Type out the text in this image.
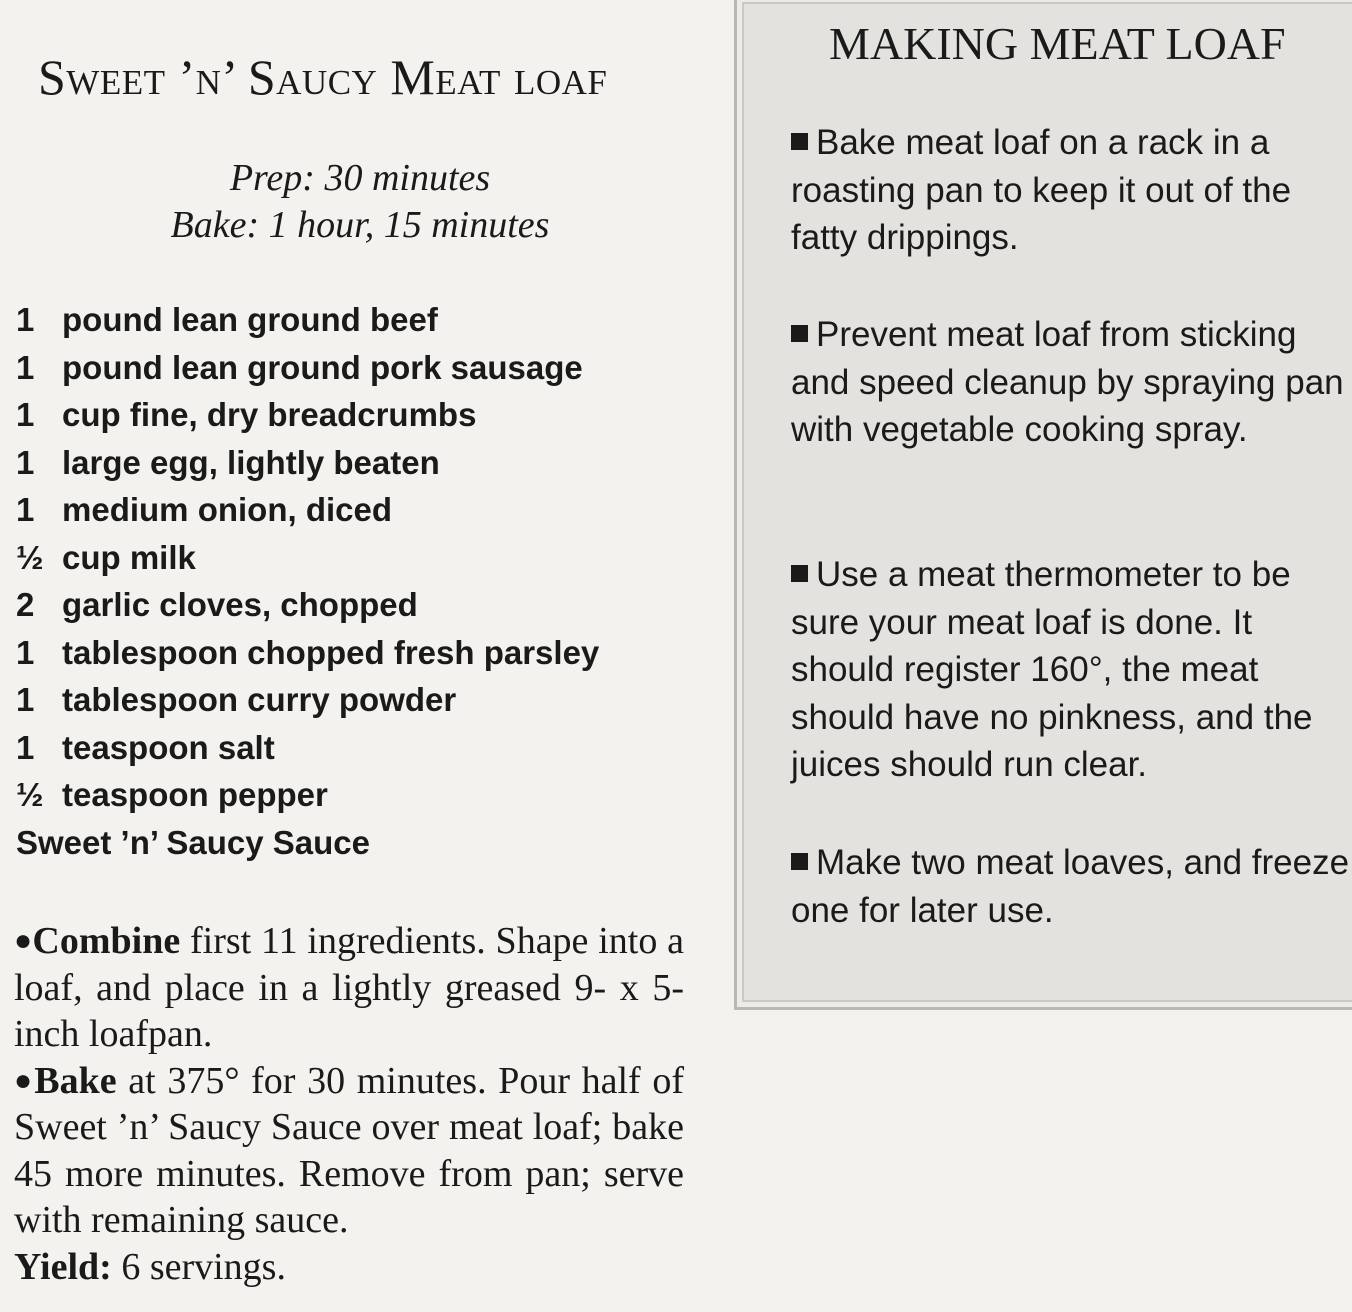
Sweet ’n’ Saucy Meat loaf
Prep: 30 minutes
Bake: 1 hour, 15 minutes
1 pound lean ground beef
1 pound lean ground pork sausage
1 cup fine, dry breadcrumbs
1 large egg, lightly beaten
1 medium onion, diced
½ cup milk
2 garlic cloves, chopped
1 tablespoon chopped fresh parsley
1 tablespoon curry powder
1 teaspoon salt
½ teaspoon pepper
Sweet ’n’ Saucy Sauce

●Combine first 11 ingredients. Shape into a loaf, and place in a lightly greased 9- x 5-inch loafpan.

●Bake at 375° for 30 minutes. Pour half of Sweet ’n’ Saucy Sauce over meat loaf; bake 45 more minutes. Remove from pan; serve with remaining sauce.

Yield: 6 servings.

MAKING MEAT LOAF

Bake meat loaf on a rack in a roasting pan to keep it out of the fatty drippings.

Prevent meat loaf from sticking and speed cleanup by spraying pan with vegetable cooking spray.

Use a meat thermometer to be sure your meat loaf is done. It should register 160°, the meat should have no pinkness, and the juices should run clear.

Make two meat loaves, and freeze one for later use.
